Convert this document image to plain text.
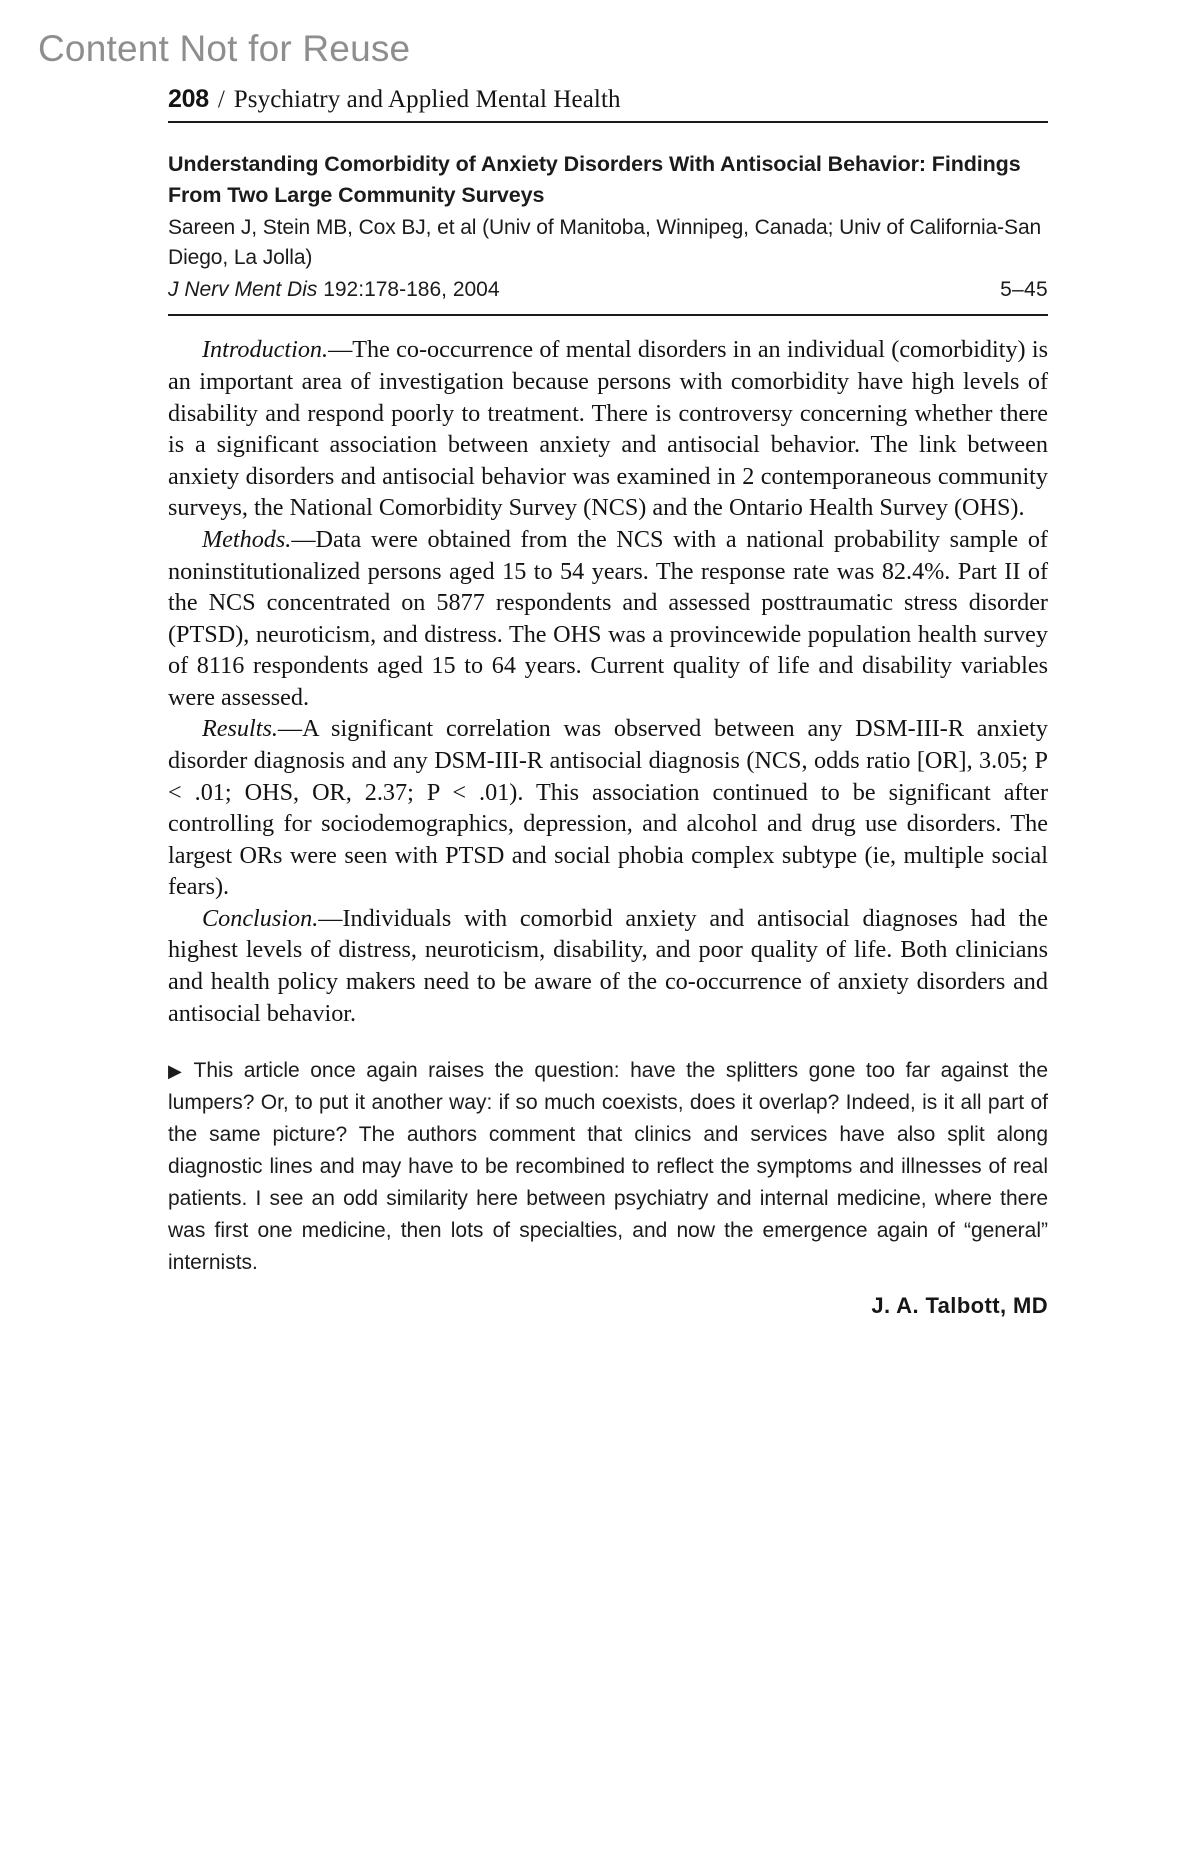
Content Not for Reuse
208 / Psychiatry and Applied Mental Health
Understanding Comorbidity of Anxiety Disorders With Antisocial Behavior: Findings From Two Large Community Surveys
Sareen J, Stein MB, Cox BJ, et al (Univ of Manitoba, Winnipeg, Canada; Univ of California-San Diego, La Jolla)
J Nerv Ment Dis 192:178-186, 2004	5–45

Introduction.—The co-occurrence of mental disorders in an individual (comorbidity) is an important area of investigation because persons with comorbidity have high levels of disability and respond poorly to treatment. There is controversy concerning whether there is a significant association between anxiety and antisocial behavior. The link between anxiety disorders and antisocial behavior was examined in 2 contemporaneous community surveys, the National Comorbidity Survey (NCS) and the Ontario Health Survey (OHS).

Methods.—Data were obtained from the NCS with a national probability sample of noninstitutionalized persons aged 15 to 54 years. The response rate was 82.4%. Part II of the NCS concentrated on 5877 respondents and assessed posttraumatic stress disorder (PTSD), neuroticism, and distress. The OHS was a provincewide population health survey of 8116 respondents aged 15 to 64 years. Current quality of life and disability variables were assessed.

Results.—A significant correlation was observed between any DSM-III-R anxiety disorder diagnosis and any DSM-III-R antisocial diagnosis (NCS, odds ratio [OR], 3.05; P < .01; OHS, OR, 2.37; P < .01). This association continued to be significant after controlling for sociodemographics, depression, and alcohol and drug use disorders. The largest ORs were seen with PTSD and social phobia complex subtype (ie, multiple social fears).

Conclusion.—Individuals with comorbid anxiety and antisocial diagnoses had the highest levels of distress, neuroticism, disability, and poor quality of life. Both clinicians and health policy makers need to be aware of the co-occurrence of anxiety disorders and antisocial behavior.

▶ This article once again raises the question: have the splitters gone too far against the lumpers? Or, to put it another way: if so much coexists, does it overlap? Indeed, is it all part of the same picture? The authors comment that clinics and services have also split along diagnostic lines and may have to be recombined to reflect the symptoms and illnesses of real patients. I see an odd similarity here between psychiatry and internal medicine, where there was first one medicine, then lots of specialties, and now the emergence again of “general” internists.
J. A. Talbott, MD
